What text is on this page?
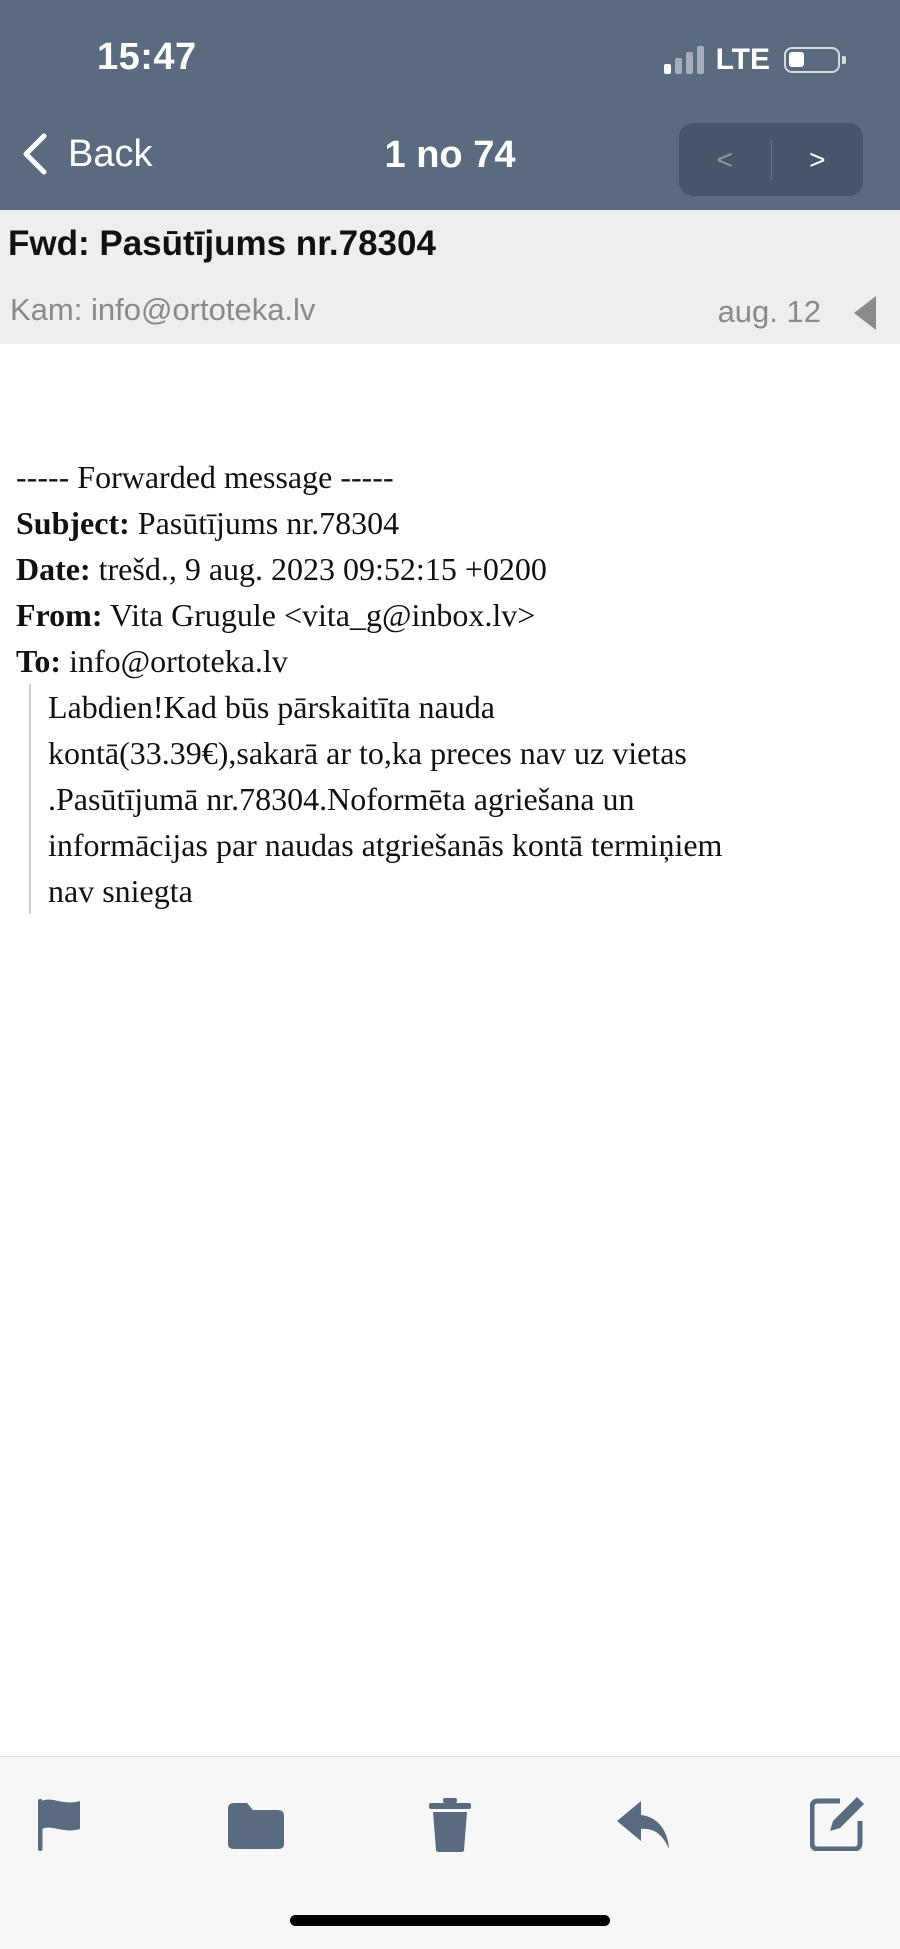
15:47	LTE
Back	1 no 74	<	>
Fwd: Pasūtījums nr.78304
Kam: info@ortoteka.lv	aug. 12
----- Forwarded message -----
Subject: Pasūtījums nr.78304
Date: trešd., 9 aug. 2023 09:52:15 +0200
From: Vita Grugule <vita_g@inbox.lv>
To: info@ortoteka.lv
Labdien!Kad būs pārskaitīta nauda
kontā(33.39€),sakarā ar to,ka preces nav uz vietas
.Pasūtījumā nr.78304.Noformēta agriešana un
informācijas par naudas atgriešanās kontā termiņiem
nav sniegta
